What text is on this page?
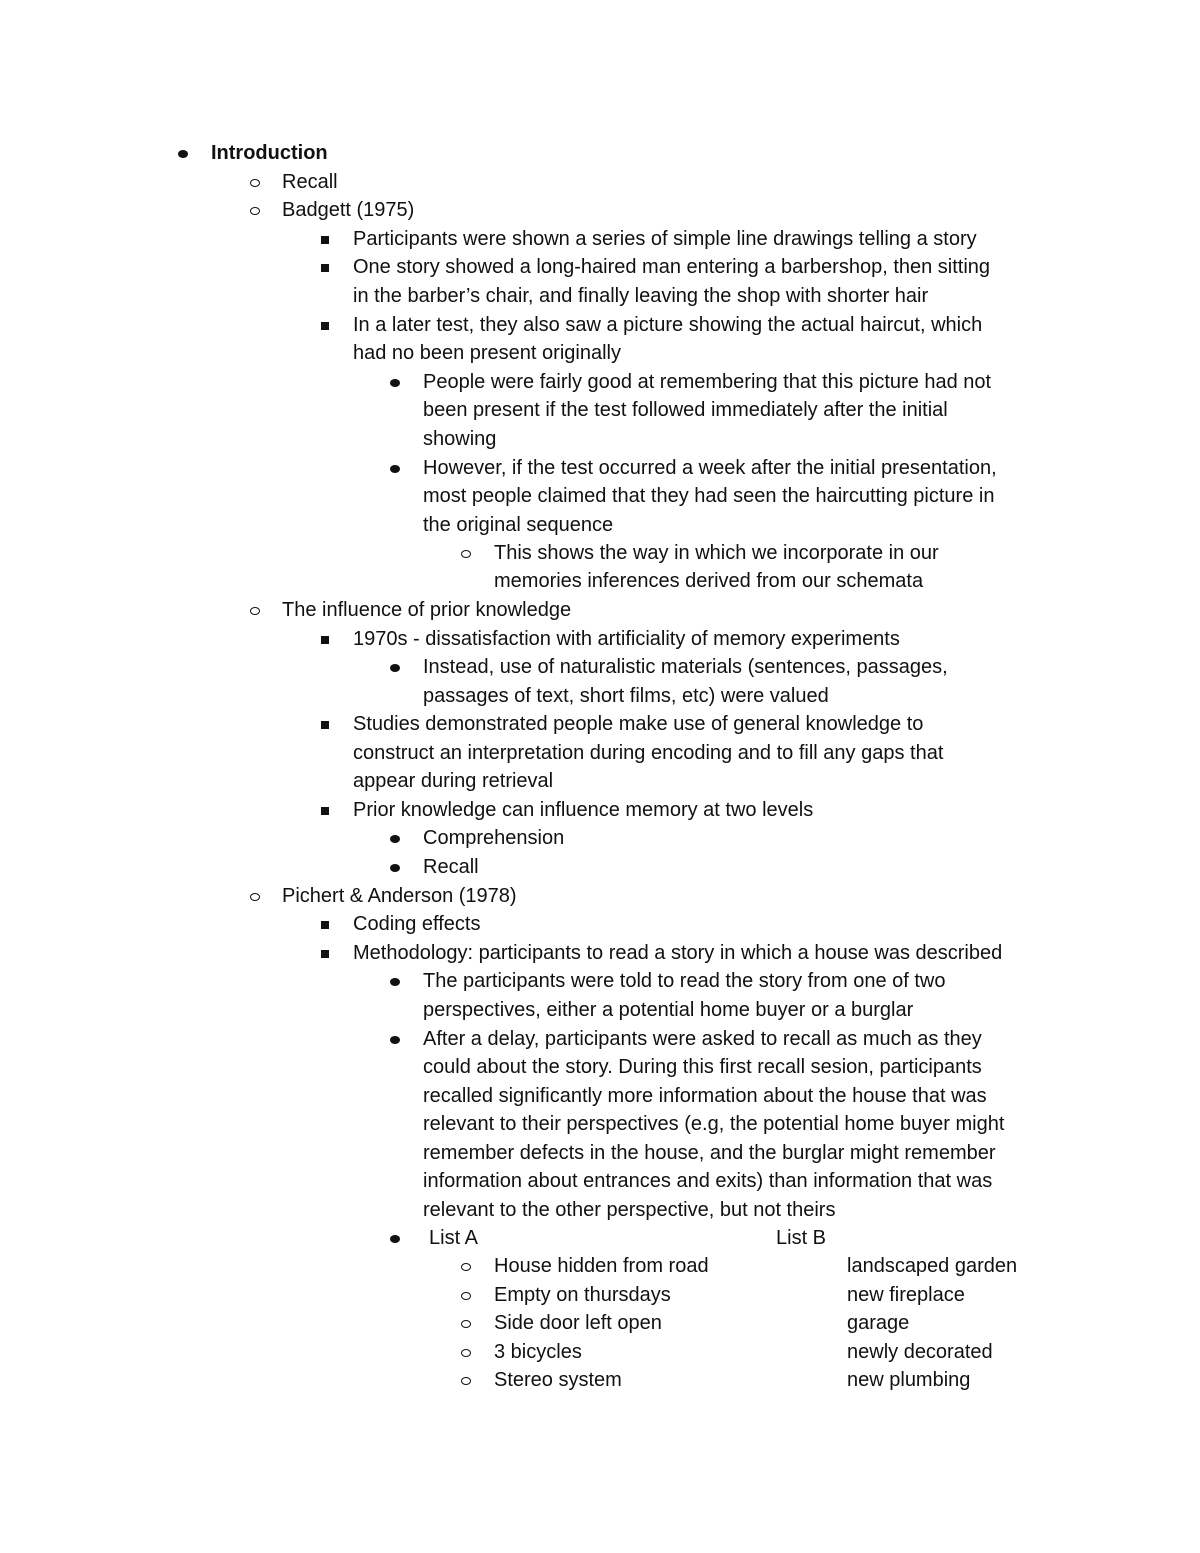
Introduction

Recall

Badgett (1975)

Participants were shown a series of simple line drawings telling a story

One story showed a long-haired man entering a barbershop, then sitting

in the barber’s chair, and finally leaving the shop with shorter hair

In a later test, they also saw a picture showing the actual haircut, which

had no been present originally

People were fairly good at remembering that this picture had not

been present if the test followed immediately after the initial

showing

However, if the test occurred a week after the initial presentation,

most people claimed that they had seen the haircutting picture in

the original sequence

This shows the way in which we incorporate in our

memories inferences derived from our schemata

The influence of prior knowledge

1970s - dissatisfaction with artificiality of memory experiments

Instead, use of naturalistic materials (sentences, passages,

passages of text, short films, etc) were valued

Studies demonstrated people make use of general knowledge to

construct an interpretation during encoding and to fill any gaps that

appear during retrieval

Prior knowledge can influence memory at two levels

Comprehension

Recall

Pichert & Anderson (1978)

Coding effects

Methodology: participants to read a story in which a house was described

The participants were told to read the story from one of two

perspectives, either a potential home buyer or a burglar

After a delay, participants were asked to recall as much as they

could about the story. During this first recall sesion, participants

recalled significantly more information about the house that was

relevant to their perspectives (e.g, the potential home buyer might

remember defects in the house, and the burglar might remember

information about entrances and exits) than information that was

relevant to the other perspective, but not theirs

List A	List B

House hidden from road	landscaped garden

Empty on thursdays	new fireplace

Side door left open	garage

3 bicycles	newly decorated

Stereo system	new plumbing
